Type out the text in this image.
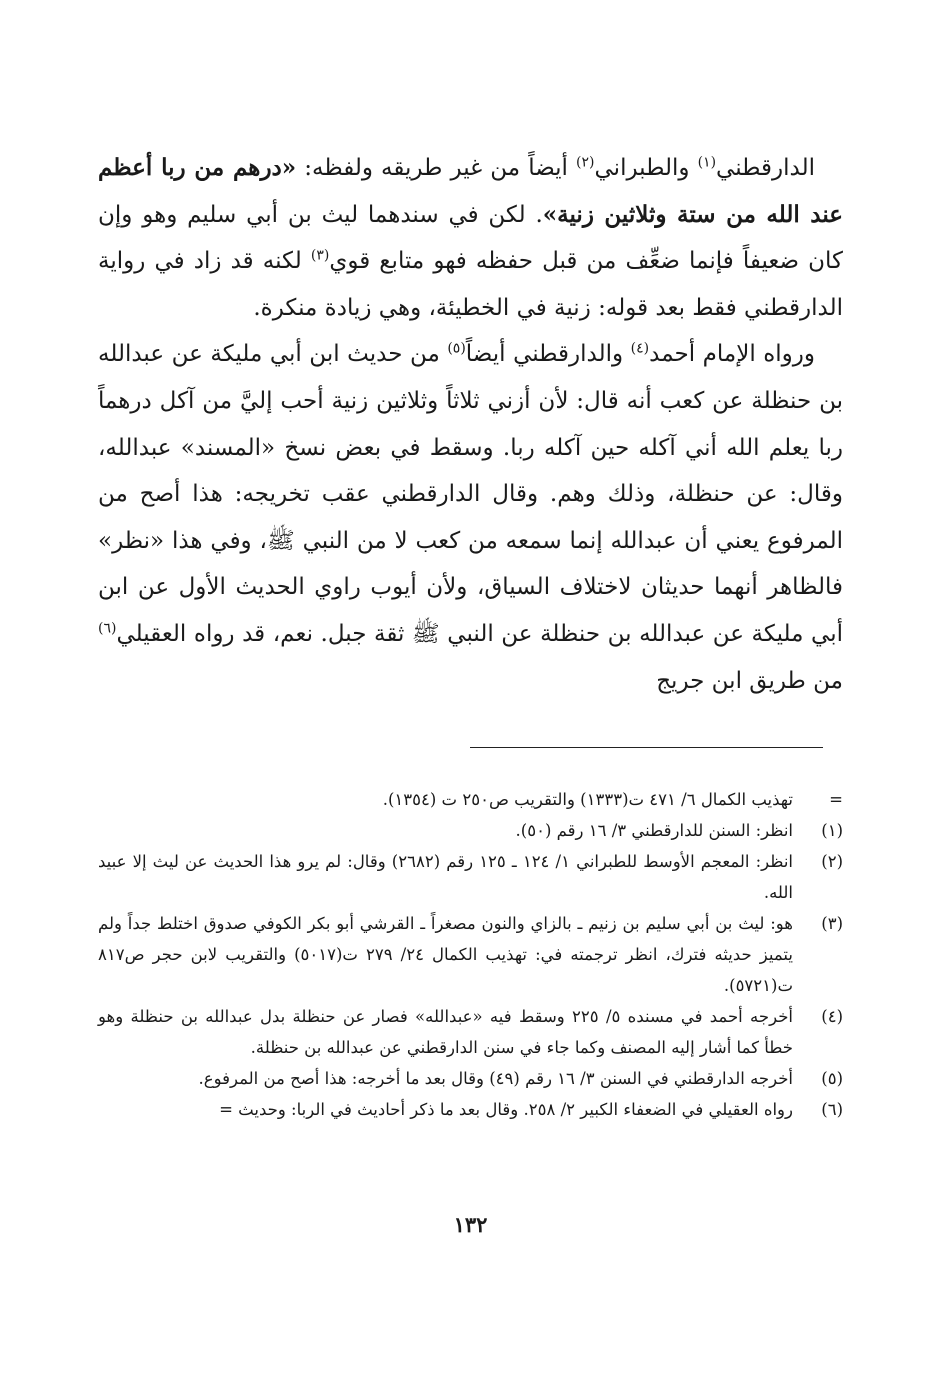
الدارقطني$^{(١)}$ والطبراني$^{(٢)}$ أيضاً من غير طريقه ولفظه: «درهم من ربا أعظم عند الله من ستة وثلاثين زنية». لكن في سندهما ليث بن أبي سليم وهو وإن كان ضعيفاً فإنما ضعِّف من قبل حفظه فهو متابع قوي$^{(٣)}$ لكنه قد زاد في رواية الدارقطني فقط بعد قوله: زنية في الخطيئة، وهي زيادة منكرة.

ورواه الإمام أحمد$^{(٤)}$ والدارقطني أيضاً$^{(٥)}$ من حديث ابن أبي مليكة عن عبدالله بن حنظلة عن كعب أنه قال: لأن أزني ثلاثاً وثلاثين زنية أحب إليَّ من آكل درهماً ربا يعلم الله أني آكله حين آكله ربا. وسقط في بعض نسخ «المسند» عبدالله، وقال: عن حنظلة، وذلك وهم. وقال الدارقطني عقب تخريجه: هذا أصح من المرفوع يعني أن عبدالله إنما سمعه من كعب لا من النبي ﷺ، وفي هذا «نظر» فالظاهر أنهما حديثان لاختلاف السياق، ولأن أيوب راوي الحديث الأول عن ابن أبي مليكة عن عبدالله بن حنظلة عن النبي ﷺ ثقة جبل. نعم، قد رواه العقيلي$^{(٦)}$ من طريق ابن جريج

=
تهذيب الكمال ٦/ ٤٧١ ت(١٣٣٣) والتقريب ص٢٥٠ ت (١٣٥٤).
(١)
انظر: السنن للدارقطني ٣/ ١٦ رقم (٥٠).
(٢)
انظر: المعجم الأوسط للطبراني ١/ ١٢٤ ـ ١٢٥ رقم (٢٦٨٢) وقال: لم يرو هذا الحديث عن ليث إلا عبيد الله.
(٣)
هو: ليث بن أبي سليم بن زنيم ـ بالزاي والنون مصغراً ـ القرشي أبو بكر الكوفي صدوق اختلط جداً ولم يتميز حديثه فترك، انظر ترجمته في: تهذيب الكمال ٢٤/ ٢٧٩ ت(٥٠١٧) والتقريب لابن حجر ص٨١٧ ت(٥٧٢١).
(٤)
أخرجه أحمد في مسنده ٥/ ٢٢٥ وسقط فيه «عبدالله» فصار عن حنظلة بدل عبدالله بن حنظلة وهو خطأ كما أشار إليه المصنف وكما جاء في سنن الدارقطني عن عبدالله بن حنظلة.
(٥)
أخرجه الدارقطني في السنن ٣/ ١٦ رقم (٤٩) وقال بعد ما أخرجه: هذا أصح من المرفوع.
(٦)
رواه العقيلي في الضعفاء الكبير ٢/ ٢٥٨. وقال بعد ما ذكر أحاديث في الربا: وحديث =
١٣٢
